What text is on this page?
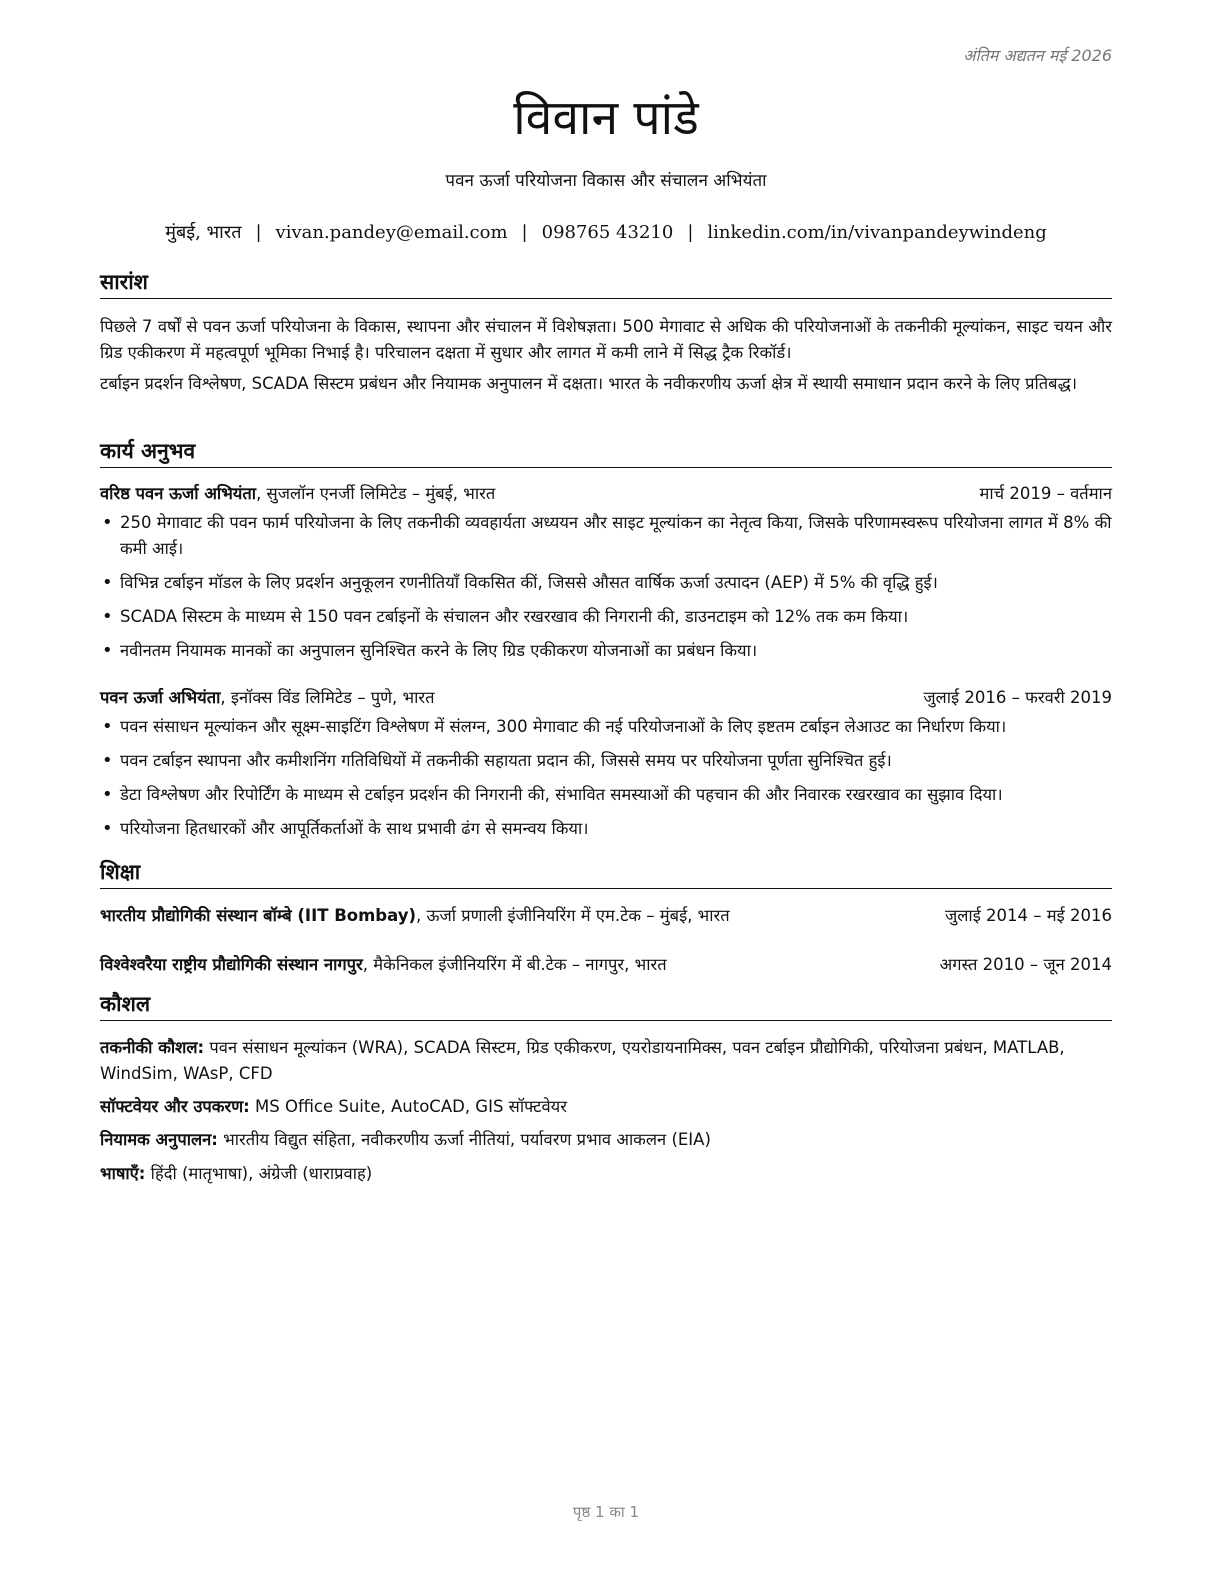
अंतिम अद्यतन मई 2026
विवान पांडे
पवन ऊर्जा परियोजना विकास और संचालन अभियंता
मुंबई, भारत | vivan.pandey@email.com | 098765 43210 | linkedin.com/in/vivanpandeywindeng
सारांश
पिछले 7 वर्षों से पवन ऊर्जा परियोजना के विकास, स्थापना और संचालन में विशेषज्ञता। 500 मेगावाट से अधिक की परियोजनाओं के तकनीकी मूल्यांकन, साइट चयन और ग्रिड एकीकरण में महत्वपूर्ण भूमिका निभाई है। परिचालन दक्षता में सुधार और लागत में कमी लाने में सिद्ध ट्रैक रिकॉर्ड।
टर्बाइन प्रदर्शन विश्लेषण, SCADA सिस्टम प्रबंधन और नियामक अनुपालन में दक्षता। भारत के नवीकरणीय ऊर्जा क्षेत्र में स्थायी समाधान प्रदान करने के लिए प्रतिबद्ध।
कार्य अनुभव
वरिष्ठ पवन ऊर्जा अभियंता, सुजलॉन एनर्जी लिमिटेड – मुंबई, भारत	मार्च 2019 – वर्तमान
• 250 मेगावाट की पवन फार्म परियोजना के लिए तकनीकी व्यवहार्यता अध्ययन और साइट मूल्यांकन का नेतृत्व किया, जिसके परिणामस्वरूप परियोजना लागत में 8% की कमी आई।
• विभिन्न टर्बाइन मॉडल के लिए प्रदर्शन अनुकूलन रणनीतियाँ विकसित कीं, जिससे औसत वार्षिक ऊर्जा उत्पादन (AEP) में 5% की वृद्धि हुई।
• SCADA सिस्टम के माध्यम से 150 पवन टर्बाइनों के संचालन और रखरखाव की निगरानी की, डाउनटाइम को 12% तक कम किया।
• नवीनतम नियामक मानकों का अनुपालन सुनिश्चित करने के लिए ग्रिड एकीकरण योजनाओं का प्रबंधन किया।
पवन ऊर्जा अभियंता, इनॉक्स विंड लिमिटेड – पुणे, भारत	जुलाई 2016 – फरवरी 2019
• पवन संसाधन मूल्यांकन और सूक्ष्म-साइटिंग विश्लेषण में संलग्न, 300 मेगावाट की नई परियोजनाओं के लिए इष्टतम टर्बाइन लेआउट का निर्धारण किया।
• पवन टर्बाइन स्थापना और कमीशनिंग गतिविधियों में तकनीकी सहायता प्रदान की, जिससे समय पर परियोजना पूर्णता सुनिश्चित हुई।
• डेटा विश्लेषण और रिपोर्टिंग के माध्यम से टर्बाइन प्रदर्शन की निगरानी की, संभावित समस्याओं की पहचान की और निवारक रखरखाव का सुझाव दिया।
• परियोजना हितधारकों और आपूर्तिकर्ताओं के साथ प्रभावी ढंग से समन्वय किया।
शिक्षा
भारतीय प्रौद्योगिकी संस्थान बॉम्बे (IIT Bombay), ऊर्जा प्रणाली इंजीनियरिंग में एम.टेक – मुंबई, भारत	जुलाई 2014 – मई 2016
विश्वेश्वरैया राष्ट्रीय प्रौद्योगिकी संस्थान नागपुर, मैकेनिकल इंजीनियरिंग में बी.टेक – नागपुर, भारत	अगस्त 2010 – जून 2014
कौशल
तकनीकी कौशल: पवन संसाधन मूल्यांकन (WRA), SCADA सिस्टम, ग्रिड एकीकरण, एयरोडायनामिक्स, पवन टर्बाइन प्रौद्योगिकी, परियोजना प्रबंधन, MATLAB, WindSim, WAsP, CFD
सॉफ्टवेयर और उपकरण: MS Office Suite, AutoCAD, GIS सॉफ्टवेयर
नियामक अनुपालन: भारतीय विद्युत संहिता, नवीकरणीय ऊर्जा नीतियां, पर्यावरण प्रभाव आकलन (EIA)
भाषाएँ: हिंदी (मातृभाषा), अंग्रेजी (धाराप्रवाह)
पृष्ठ 1 का 1
